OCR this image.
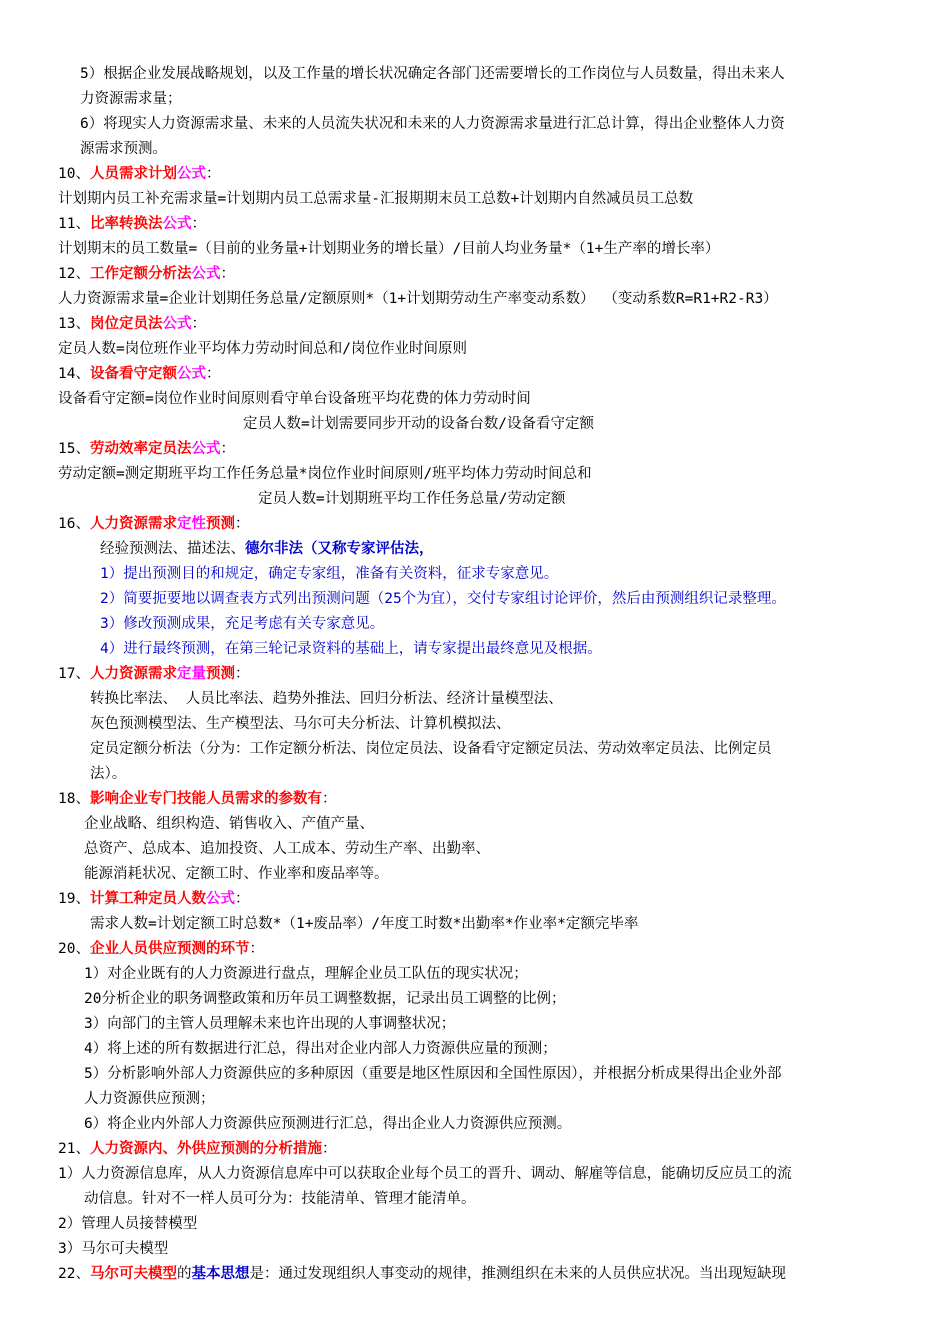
5）根据企业发展战略规划，以及工作量的增长状况确定各部门还需要增长的工作岗位与人员数量，得出未来人
力资源需求量；
6）将现实人力资源需求量、未来的人员流失状况和未来的人力资源需求量进行汇总计算，得出企业整体人力资
源需求预测。
10、人员需求计划公式：
计划期内员工补充需求量=计划期内员工总需求量-汇报期期末员工总数+计划期内自然减员员工总数
11、比率转换法公式：
计划期末的员工数量=（目前的业务量+计划期业务的增长量）/目前人均业务量*（1+生产率的增长率）
12、工作定额分析法公式：
人力资源需求量=企业计划期任务总量/定额原则*（1+计划期劳动生产率变动系数） （变动系数R=R1+R2-R3）
13、岗位定员法公式：
定员人数=岗位班作业平均体力劳动时间总和/岗位作业时间原则
14、设备看守定额公式：
设备看守定额=岗位作业时间原则看守单台设备班平均花费的体力劳动时间
定员人数=计划需要同步开动的设备台数/设备看守定额
15、劳动效率定员法公式：
劳动定额=测定期班平均工作任务总量*岗位作业时间原则/班平均体力劳动时间总和
定员人数=计划期班平均工作任务总量/劳动定额
16、人力资源需求定性预测：
经验预测法、描述法、德尔非法（又称专家评估法，
1）提出预测目的和规定，确定专家组，准备有关资料，征求专家意见。
2）简要扼要地以调查表方式列出预测问题（25个为宜），交付专家组讨论评价，然后由预测组织记录整理。
3）修改预测成果，充足考虑有关专家意见。
4）进行最终预测，在第三轮记录资料的基础上，请专家提出最终意见及根据。
17、人力资源需求定量预测：
转换比率法、 人员比率法、趋势外推法、回归分析法、经济计量模型法、
灰色预测模型法、生产模型法、马尔可夫分析法、计算机模拟法、
定员定额分析法（分为：工作定额分析法、岗位定员法、设备看守定额定员法、劳动效率定员法、比例定员
法）。
18、影响企业专门技能人员需求的参数有：
企业战略、组织构造、销售收入、产值产量、
总资产、总成本、追加投资、人工成本、劳动生产率、出勤率、
能源消耗状况、定额工时、作业率和废品率等。
19、计算工种定员人数公式：
需求人数=计划定额工时总数*（1+废品率）/年度工时数*出勤率*作业率*定额完毕率
20、企业人员供应预测的环节：
1）对企业既有的人力资源进行盘点，理解企业员工队伍的现实状况；
20分析企业的职务调整政策和历年员工调整数据，记录出员工调整的比例；
3）向部门的主管人员理解未来也许出现的人事调整状况；
4）将上述的所有数据进行汇总，得出对企业内部人力资源供应量的预测；
5）分析影响外部人力资源供应的多种原因（重要是地区性原因和全国性原因），并根据分析成果得出企业外部
人力资源供应预测；
6）将企业内外部人力资源供应预测进行汇总，得出企业人力资源供应预测。
21、人力资源内、外供应预测的分析措施：
1）人力资源信息库，从人力资源信息库中可以获取企业每个员工的晋升、调动、解雇等信息，能确切反应员工的流
动信息。针对不一样人员可分为：技能清单、管理才能清单。
2）管理人员接替模型
3）马尔可夫模型
22、马尔可夫模型的基本思想是：通过发现组织人事变动的规律，推测组织在未来的人员供应状况。当出现短缺现
